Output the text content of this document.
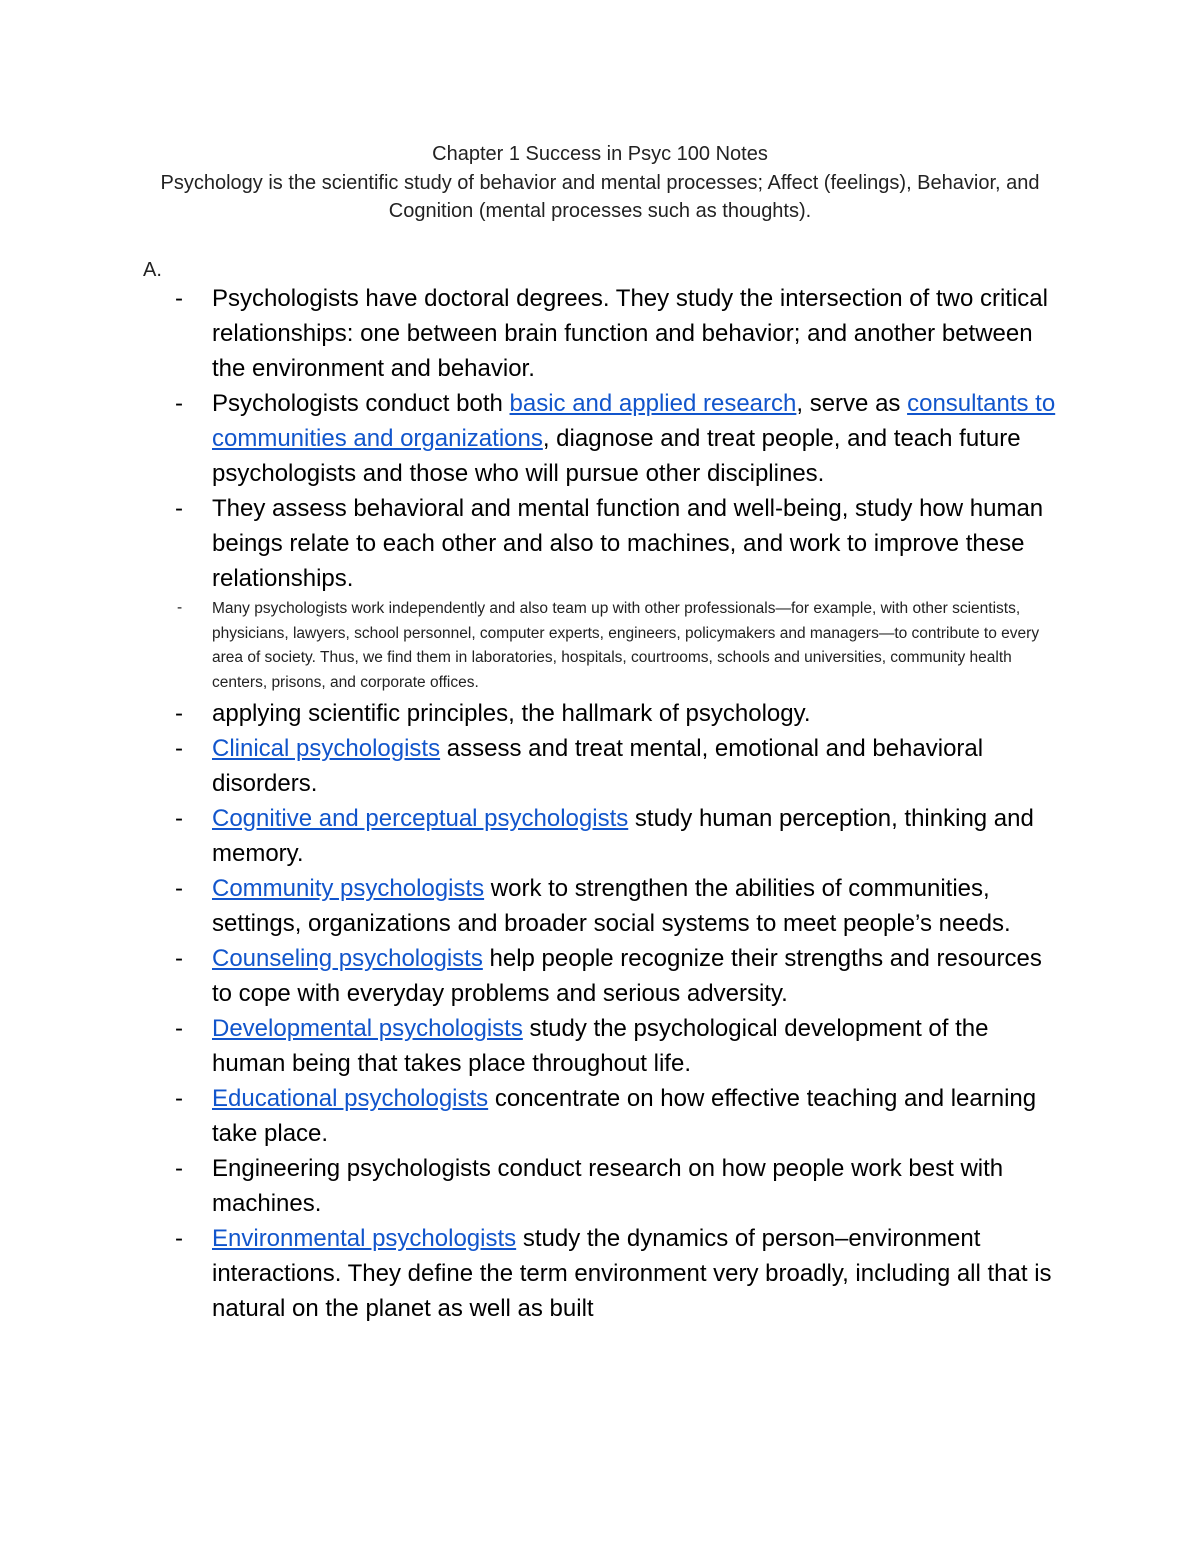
Chapter 1 Success in Psyc 100 Notes
Psychology is the scientific study of behavior and mental processes; Affect (feelings), Behavior, and Cognition (mental processes such as thoughts).
A.
- Psychologists have doctoral degrees. They study the intersection of two critical relationships: one between brain function and behavior; and another between the environment and behavior.
- Psychologists conduct both basic and applied research, serve as consultants to communities and organizations, diagnose and treat people, and teach future psychologists and those who will pursue other disciplines.
- They assess behavioral and mental function and well-being, study how human beings relate to each other and also to machines, and work to improve these relationships.
- Many psychologists work independently and also team up with other professionals—for example, with other scientists, physicians, lawyers, school personnel, computer experts, engineers, policymakers and managers—to contribute to every area of society. Thus, we find them in laboratories, hospitals, courtrooms, schools and universities, community health centers, prisons, and corporate offices.
- applying scientific principles, the hallmark of psychology.
- Clinical psychologists assess and treat mental, emotional and behavioral disorders.
- Cognitive and perceptual psychologists study human perception, thinking and memory.
- Community psychologists work to strengthen the abilities of communities, settings, organizations and broader social systems to meet people’s needs.
- Counseling psychologists help people recognize their strengths and resources to cope with everyday problems and serious adversity.
- Developmental psychologists study the psychological development of the human being that takes place throughout life.
- Educational psychologists concentrate on how effective teaching and learning take place.
- Engineering psychologists conduct research on how people work best with machines.
- Environmental psychologists study the dynamics of person–environment interactions. They define the term environment very broadly, including all that is natural on the planet as well as built
